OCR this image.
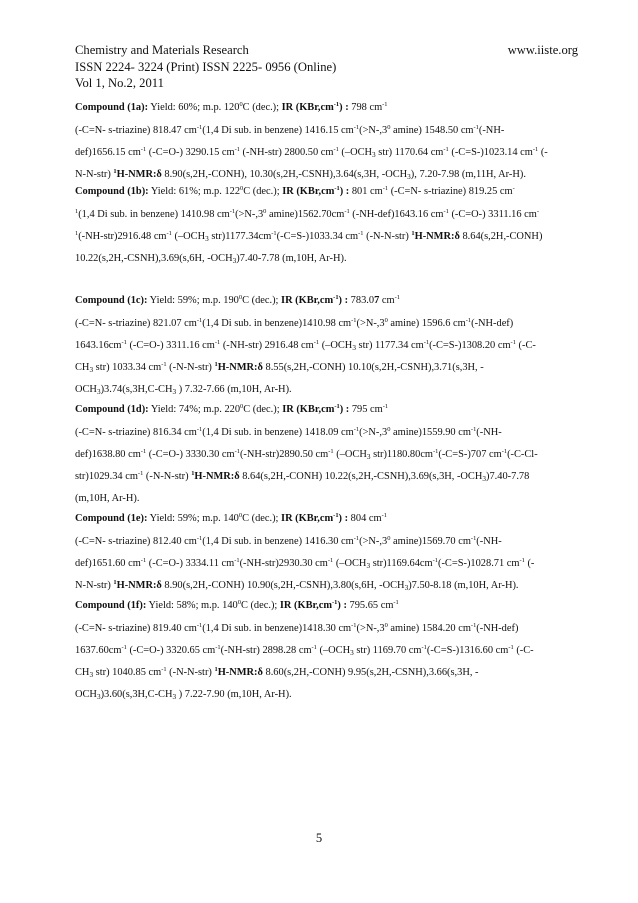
Chemistry and Materials Research
ISSN 2224- 3224 (Print) ISSN 2225- 0956 (Online)
Vol 1, No.2, 2011
www.iiste.org
Compound (1a): Yield: 60%; m.p. $120^0C$ (dec.); IR $(KBr,cm^{-1})$ : 798 $cm^{-1}$
(-C=N- s-triazine) 818.47 $cm^{-1}(1,4$ Di sub. in benzene) 1416.15 $cm^{-1}(>N-,3^0$ amine) 1548.50 $cm^{-1}(-NH-$
def)1656.15 $cm^{-1}$ (-C=O-) 3290.15 $cm^{-1}$ (-NH-str) 2800.50 $cm^{-1}$ ($-OCH_3$ str) 1170.64 $cm^{-1}$ (-C=S-)1023.14 $cm^{-1}$ (-
N-N-str) $^1$H-NMR:δ 8.90(s,2H,-CONH), 10.30(s,2H,-CSNH),3.64(s,3H, $-OCH_3$), 7.20-7.98 (m,11H, Ar-H).
Compound (1b): Yield: 61%; m.p. $122^0C$ (dec.); IR $(KBr,cm^{-1})$ : 801 $cm^{-1}$ (-C=N- s-triazine) 819.25 cm-
$^1$(1,4 Di sub. in benzene) 1410.98 $cm^{-1}(>N-,3^0$ $amine)1562.70cm^{-1}$ (-NH-def)1643.16 $cm^{-1}$ (-C=O-) 3311.16 cm-
$^1$(-NH-str)2916.48 $cm^{-1}$ ($-OCH_3$ $str)1177.34cm^{-1}(-C=S-)1033.34$ $cm^{-1}$ (-N-N-str) $^1$H-NMR:δ 8.64(s,2H,-CONH)
10.22(s,2H,-CSNH),3.69(s,6H, $-OCH_3)7.40-7.78$ (m,10H, Ar-H).
Compound (1c): Yield: 59%; m.p. $190^0C$ (dec.); IR $(KBr,cm^{-1})$ : 783.07 $cm^{-1}$
(-C=N- s-triazine) 821.07 $cm^{-1}(1,4$ Di sub. in benzene)1410.98 $cm^{-1}(>N-,3^0$ amine) 1596.6 $cm^{-1}(-NH-def)$
$1643.16cm^{-1}$ (-C=O-) 3311.16 $cm^{-1}$ (-NH-str) 2916.48 $cm^{-1}$ ($-OCH_3$ str) 1177.34 $cm^{-1}(-C=S-)1308.20$ $cm^{-1}$ (-C-
$CH_3$ str) 1033.34 $cm^{-1}$ (-N-N-str) $^1$H-NMR:δ 8.55(s,2H,-CONH) 10.10(s,2H,-CSNH),3.71(s,3H, -
$OCH_3)3.74(s,3H,C-CH_3$ ) 7.32-7.66 (m,10H, Ar-H).
Compound (1d): Yield: 74%; m.p. $220^0C$ (dec.); IR $(KBr,cm^{-1})$ : 795 $cm^{-1}$
(-C=N- s-triazine) 816.34 $cm^{-1}(1,4$ Di sub. in benzene) 1418.09 $cm^{-1}(>N-,3^0$ amine)1559.90 $cm^{-1}(-NH-$
def)1638.80 $cm^{-1}$ (-C=O-) 3330.30 $cm^{-1}(-NH-str)2890.50$ $cm^{-1}$ ($-OCH_3$ $str)1180.80cm^{-1}(-C=S-)707$ $cm^{-1}(-C-Cl-$
str)1029.34 $cm^{-1}$ (-N-N-str) $^1$H-NMR:δ 8.64(s,2H,-CONH) 10.22(s,2H,-CSNH),3.69(s,3H, $-OCH_3)7.40-7.78$
(m,10H, Ar-H).
Compound (1e): Yield: 59%; m.p. $140^0C$ (dec.); IR $(KBr,cm^{-1})$ : 804 $cm^{-1}$
(-C=N- s-triazine) 812.40 $cm^{-1}(1,4$ Di sub. in benzene) 1416.30 $cm^{-1}(>N-,3^0$ amine)1569.70 $cm^{-1}(-NH-$
def)1651.60 $cm^{-1}$ (-C=O-) 3334.11 $cm^{-1}(-NH-str)2930.30$ $cm^{-1}$ ($-OCH_3$ $str)1169.64cm^{-1}(-C=S-)1028.71$ $cm^{-1}$ (-
N-N-str) $^1$H-NMR:δ 8.90(s,2H,-CONH) 10.90(s,2H,-CSNH),3.80(s,6H, $-OCH_3)7.50-8.18$ (m,10H, Ar-H).
Compound (1f): Yield: 58%; m.p. $140^0C$ (dec.); IR $(KBr,cm^{-1})$ : 795.65 $cm^{-1}$
(-C=N- s-triazine) 819.40 $cm^{-1}(1,4$ Di sub. in benzene)1418.30 $cm^{-1}(>N-,3^0$ amine) 1584.20 $cm^{-1}(-NH-def)$
$1637.60cm^{-1}$ (-C=O-) 3320.65 $cm^{-1}(-NH-str)$ 2898.28 $cm^{-1}$ ($-OCH_3$ str) 1169.70 $cm^{-1}(-C=S-)1316.60$ $cm^{-1}$ (-C-
$CH_3$ str) 1040.85 $cm^{-1}$ (-N-N-str) $^1$H-NMR:δ 8.60(s,2H,-CONH) 9.95(s,2H,-CSNH),3.66(s,3H, -
$OCH_3)3.60(s,3H,C-CH_3$ ) 7.22-7.90 (m,10H, Ar-H).
5
